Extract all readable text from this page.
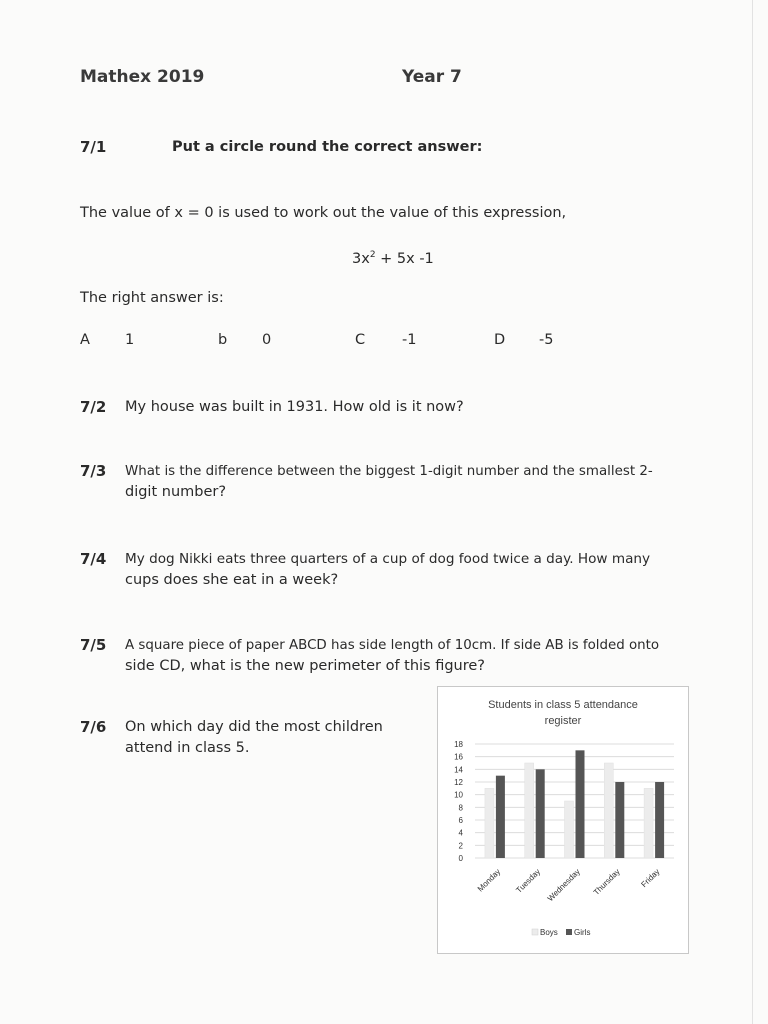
Mathex 2019	Year 7
7/1	Put a circle round the correct answer:
The value of x = 0 is used to work out the value of this expression,
$3x^2 + 5x$ -1
The right answer is:
A 1	b 0	C	-1	D -5
7/2 My house was built in 1931. How old is it now?
7/3 What is the difference between the biggest 1-digit number and the smallest 2-
digit number?
7/4 My dog Nikki eats three quarters of a cup of dog food twice a day. How many
cups does she eat in a week?
7/5 A square piece of paper ABCD has side length of 10cm. If side AB is folded onto
side CD, what is the new perimeter of this figure?
7/6 On which day did the most children
attend in class 5.
Students in class 5 attendance
register
0
2
4
6
8
10
12
14
16
18
Monday Tuesday Wednesday Thursday Friday
Boys Girls
